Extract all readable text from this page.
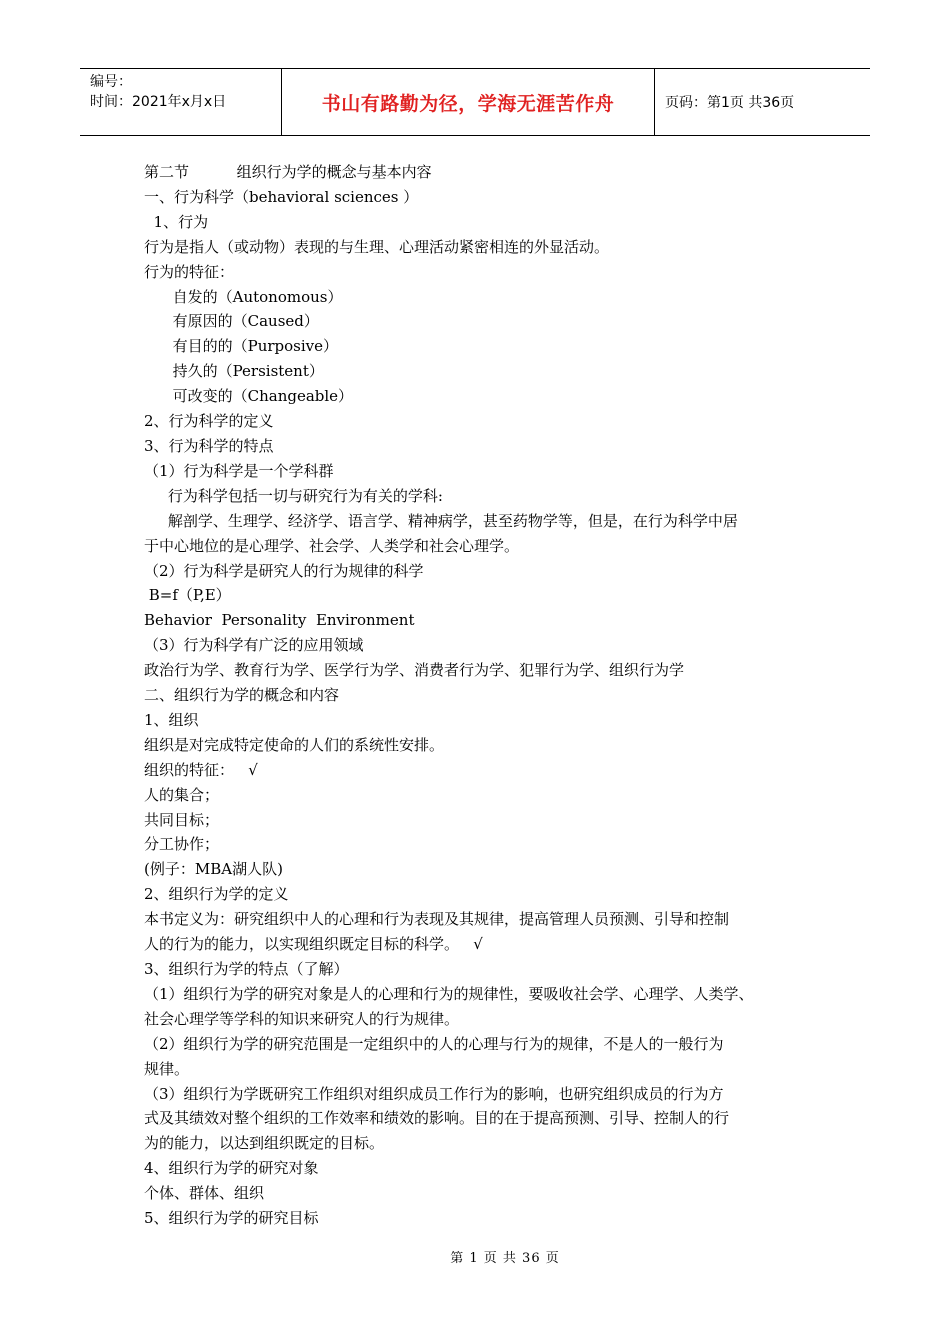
编号：
时间：2021年x月x日	书山有路勤为径，学海无涯苦作舟	页码：第1页 共36页
第二节          组织行为学的概念与基本内容
一、行为科学（behavioral sciences ）
1、行为
行为是指人（或动物）表现的与生理、心理活动紧密相连的外显活动。
行为的特征：
自发的（Autonomous）
有原因的（Caused）
有目的的（Purposive）
持久的（Persistent）
可改变的（Changeable）
2、行为科学的定义
3、行为科学的特点
（1）行为科学是一个学科群
行为科学包括一切与研究行为有关的学科:
解剖学、生理学、经济学、语言学、精神病学，甚至药物学等，但是，在行为科学中居
于中心地位的是心理学、社会学、人类学和社会心理学。
（2）行为科学是研究人的行为规律的科学
B=f（P,E）
Behavior  Personality  Environment
（3）行为科学有广泛的应用领域
政治行为学、教育行为学、医学行为学、消费者行为学、犯罪行为学、组织行为学
二、组织行为学的概念和内容
1、组织
组织是对完成特定使命的人们的系统性安排。
组织的特征：   √
人的集合；
共同目标；
分工协作；
(例子：MBA湖人队)
2、组织行为学的定义
本书定义为：研究组织中人的心理和行为表现及其规律，提高管理人员预测、引导和控制
人的行为的能力，以实现组织既定目标的科学。   √
3、组织行为学的特点（了解）
（1）组织行为学的研究对象是人的心理和行为的规律性，要吸收社会学、心理学、人类学、
社会心理学等学科的知识来研究人的行为规律。
（2）组织行为学的研究范围是一定组织中的人的心理与行为的规律，不是人的一般行为
规律。
（3）组织行为学既研究工作组织对组织成员工作行为的影响，也研究组织成员的行为方
式及其绩效对整个组织的工作效率和绩效的影响。目的在于提高预测、引导、控制人的行
为的能力，以达到组织既定的目标。
4、组织行为学的研究对象
个体、群体、组织
5、组织行为学的研究目标
第 1 页 共 36 页
